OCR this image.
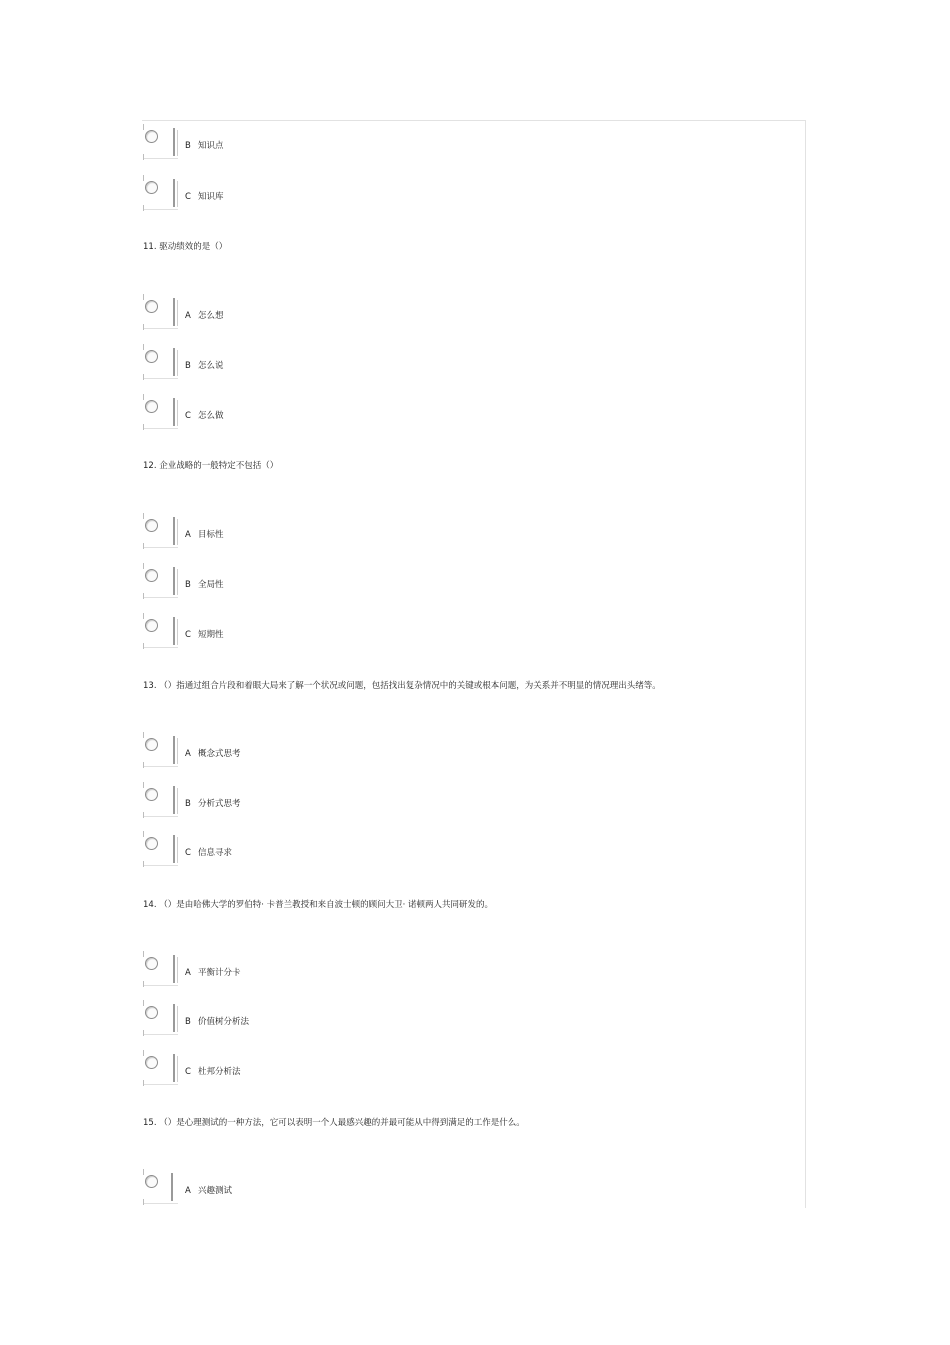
B 知识点
C 知识库
11. 驱动绩效的是（）
A 怎么想
B 怎么说
C 怎么做
12. 企业战略的一般特定不包括（）
A 目标性
B 全局性
C 短期性
13. （）指通过组合片段和着眼大局来了解一个状况或问题，包括找出复杂情况中的关键或根本问题，为关系并不明显的情况理出头绪等。
A 概念式思考
B 分析式思考
C 信息寻求
14. （）是由哈佛大学的罗伯特· 卡普兰教授和来自波士顿的顾问大卫· 诺顿两人共同研发的。
A 平衡计分卡
B 价值树分析法
C 杜邦分析法
15. （）是心理测试的一种方法，它可以表明一个人最感兴趣的并最可能从中得到满足的工作是什么。
A 兴趣测试
